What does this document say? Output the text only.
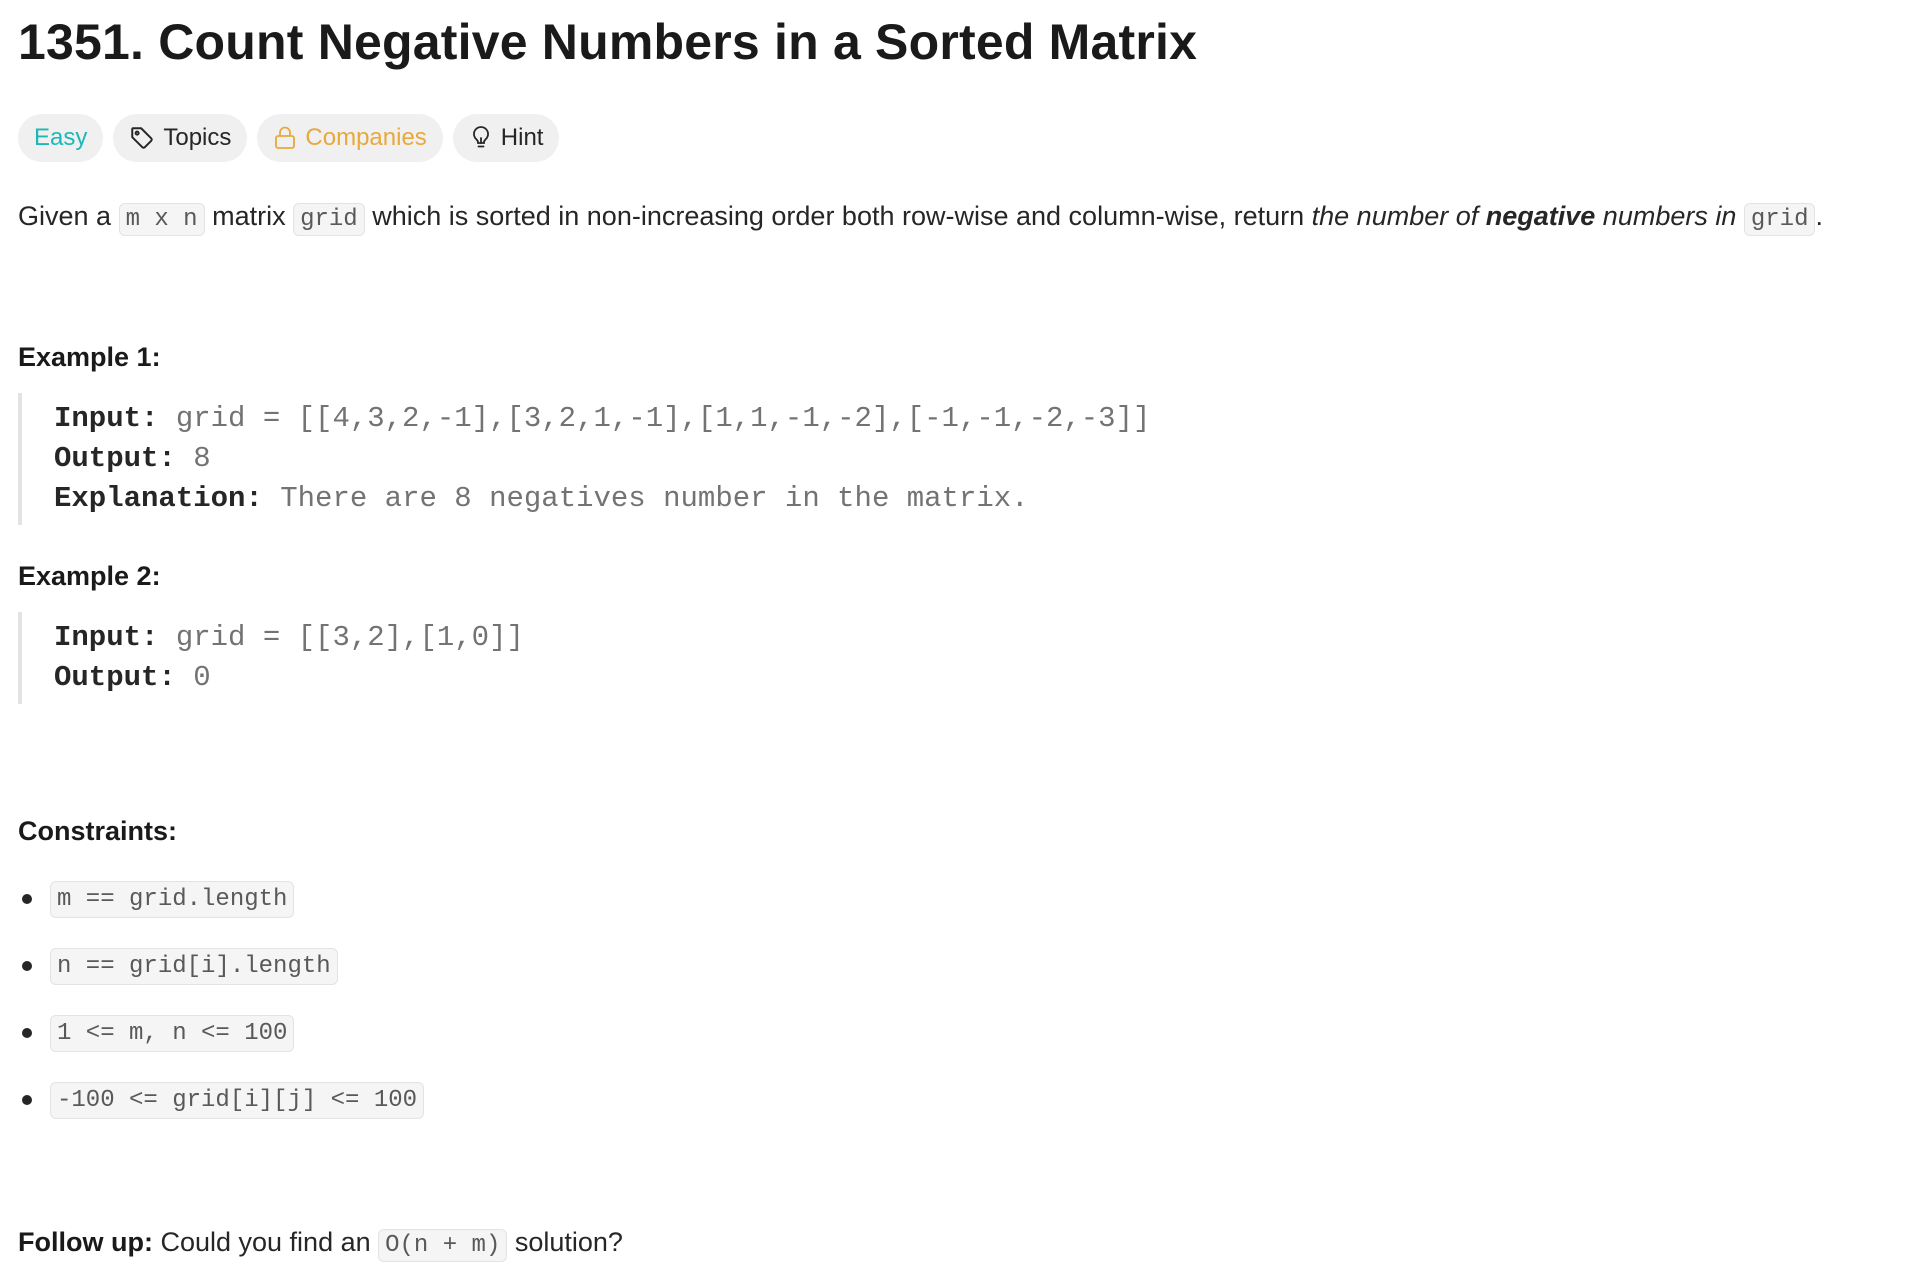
1351. Count Negative Numbers in a Sorted Matrix
Easy	Topics	Companies	Hint
Given a m x n matrix grid which is sorted in non-increasing order both row-wise and column-wise, return the number of negative numbers in grid .
Example 1:
Input: grid = [[4,3,2,-1],[3,2,1,-1],[1,1,-1,-2],[-1,-1,-2,-3]]
Output: 8
Explanation: There are 8 negatives number in the matrix.
Example 2:
Input: grid = [[3,2],[1,0]]
Output: 0
Constraints:
m == grid.length
n == grid[i].length
1 <= m, n <= 100
-100 <= grid[i][j] <= 100
Follow up: Could you find an O(n + m) solution?
